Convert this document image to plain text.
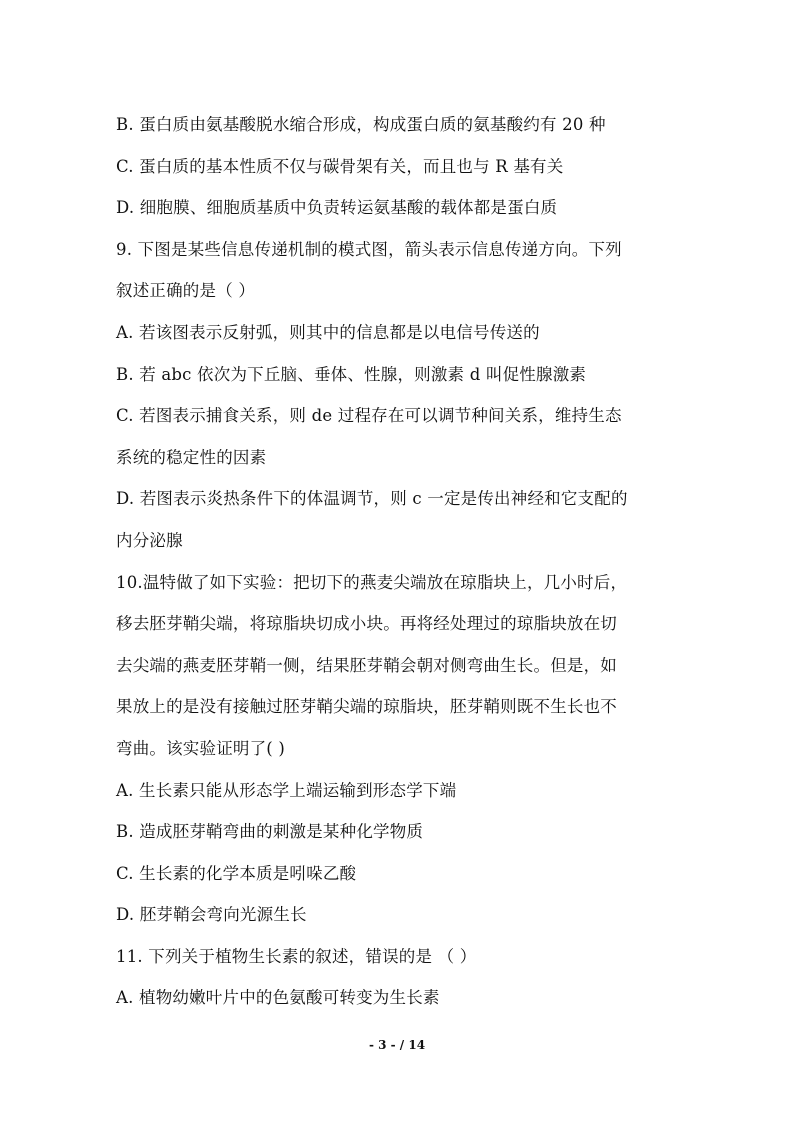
B. 蛋白质由氨基酸脱水缩合形成，构成蛋白质的氨基酸约有 20 种
C. 蛋白质的基本性质不仅与碳骨架有关，而且也与 R 基有关
D. 细胞膜、细胞质基质中负责转运氨基酸的载体都是蛋白质
9. 下图是某些信息传递机制的模式图，箭头表示信息传递方向。下列
叙述正确的是（ ）
A. 若该图表示反射弧，则其中的信息都是以电信号传送的
B. 若 abc 依次为下丘脑、垂体、性腺，则激素 d 叫促性腺激素
C. 若图表示捕食关系，则 de 过程存在可以调节种间关系，维持生态
系统的稳定性的因素
D. 若图表示炎热条件下的体温调节，则 c 一定是传出神经和它支配的
内分泌腺
10.温特做了如下实验：把切下的燕麦尖端放在琼脂块上，几小时后，
移去胚芽鞘尖端，将琼脂块切成小块。再将经处理过的琼脂块放在切
去尖端的燕麦胚芽鞘一侧，结果胚芽鞘会朝对侧弯曲生长。但是，如
果放上的是没有接触过胚芽鞘尖端的琼脂块，胚芽鞘则既不生长也不
弯曲。该实验证明了( )
A. 生长素只能从形态学上端运输到形态学下端
B. 造成胚芽鞘弯曲的刺激是某种化学物质
C. 生长素的化学本质是吲哚乙酸
D. 胚芽鞘会弯向光源生长
11. 下列关于植物生长素的叙述，错误的是 （ ）
A. 植物幼嫩叶片中的色氨酸可转变为生长素
- 3 - / 14
